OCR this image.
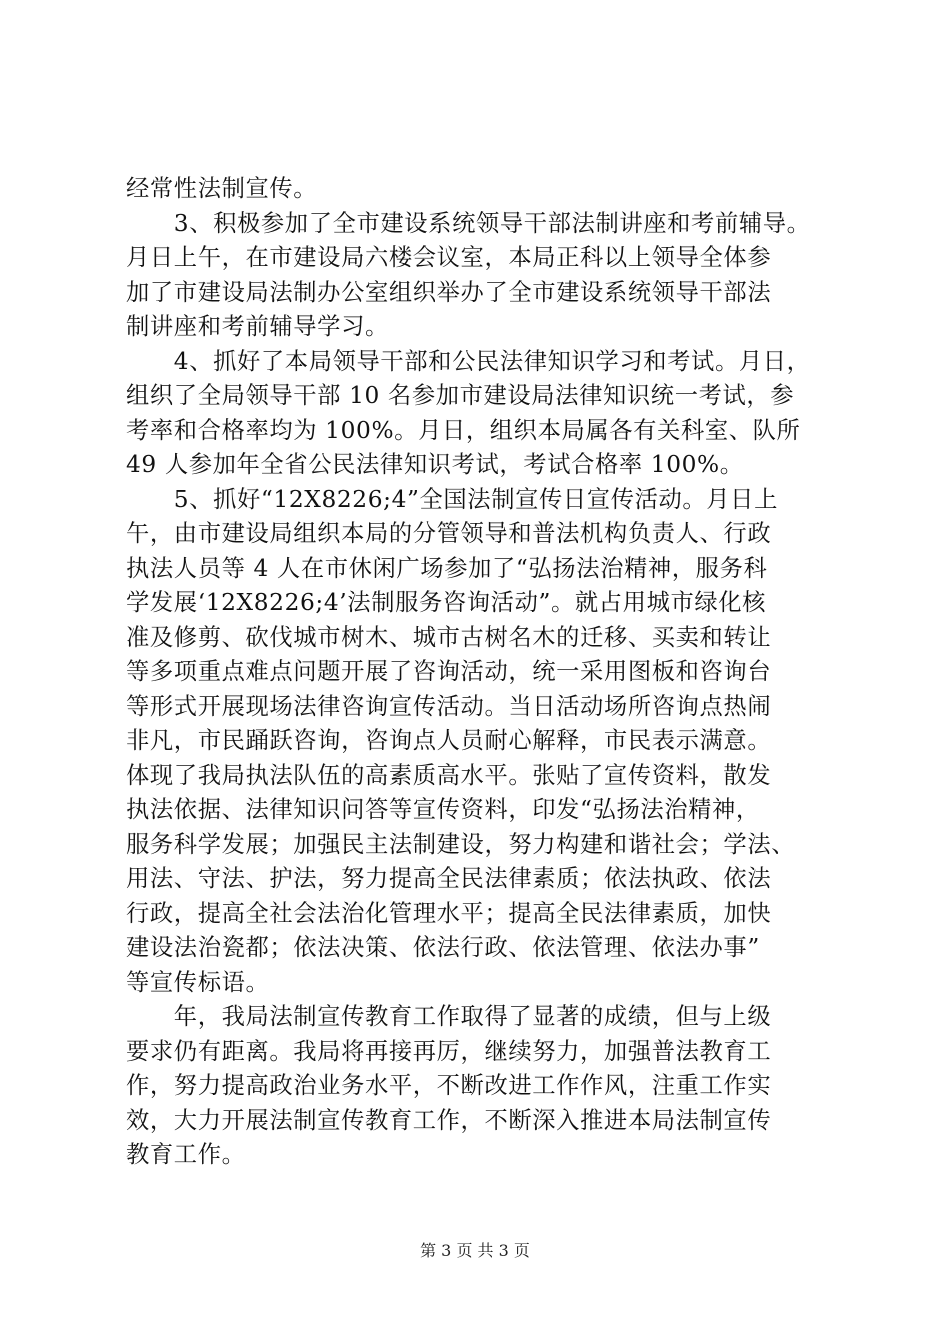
经常性法制宣传。
　　3、积极参加了全市建设系统领导干部法制讲座和考前辅导。
月日上午，在市建设局六楼会议室，本局正科以上领导全体参
加了市建设局法制办公室组织举办了全市建设系统领导干部法
制讲座和考前辅导学习。
　　4、抓好了本局领导干部和公民法律知识学习和考试。月日，
组织了全局领导干部 10 名参加市建设局法律知识统一考试，参
考率和合格率均为 100%。月日，组织本局属各有关科室、队所
49 人参加年全省公民法律知识考试，考试合格率 100%。
　　5、抓好“12X8226;4”全国法制宣传日宣传活动。月日上
午，由市建设局组织本局的分管领导和普法机构负责人、行政
执法人员等 4 人在市休闲广场参加了“弘扬法治精神，服务科
学发展‘12X8226;4’法制服务咨询活动”。就占用城市绿化核
准及修剪、砍伐城市树木、城市古树名木的迁移、买卖和转让
等多项重点难点问题开展了咨询活动，统一采用图板和咨询台
等形式开展现场法律咨询宣传活动。当日活动场所咨询点热闹
非凡，市民踊跃咨询，咨询点人员耐心解释，市民表示满意。
体现了我局执法队伍的高素质高水平。张贴了宣传资料，散发
执法依据、法律知识问答等宣传资料，印发“弘扬法治精神，
服务科学发展；加强民主法制建设，努力构建和谐社会；学法、
用法、守法、护法，努力提高全民法律素质；依法执政、依法
行政，提高全社会法治化管理水平；提高全民法律素质，加快
建设法治瓷都；依法决策、依法行政、依法管理、依法办事”
等宣传标语。
　　年，我局法制宣传教育工作取得了显著的成绩，但与上级
要求仍有距离。我局将再接再厉，继续努力，加强普法教育工
作，努力提高政治业务水平，不断改进工作作风，注重工作实
效，大力开展法制宣传教育工作，不断深入推进本局法制宣传
教育工作。
第 3 页 共 3 页
